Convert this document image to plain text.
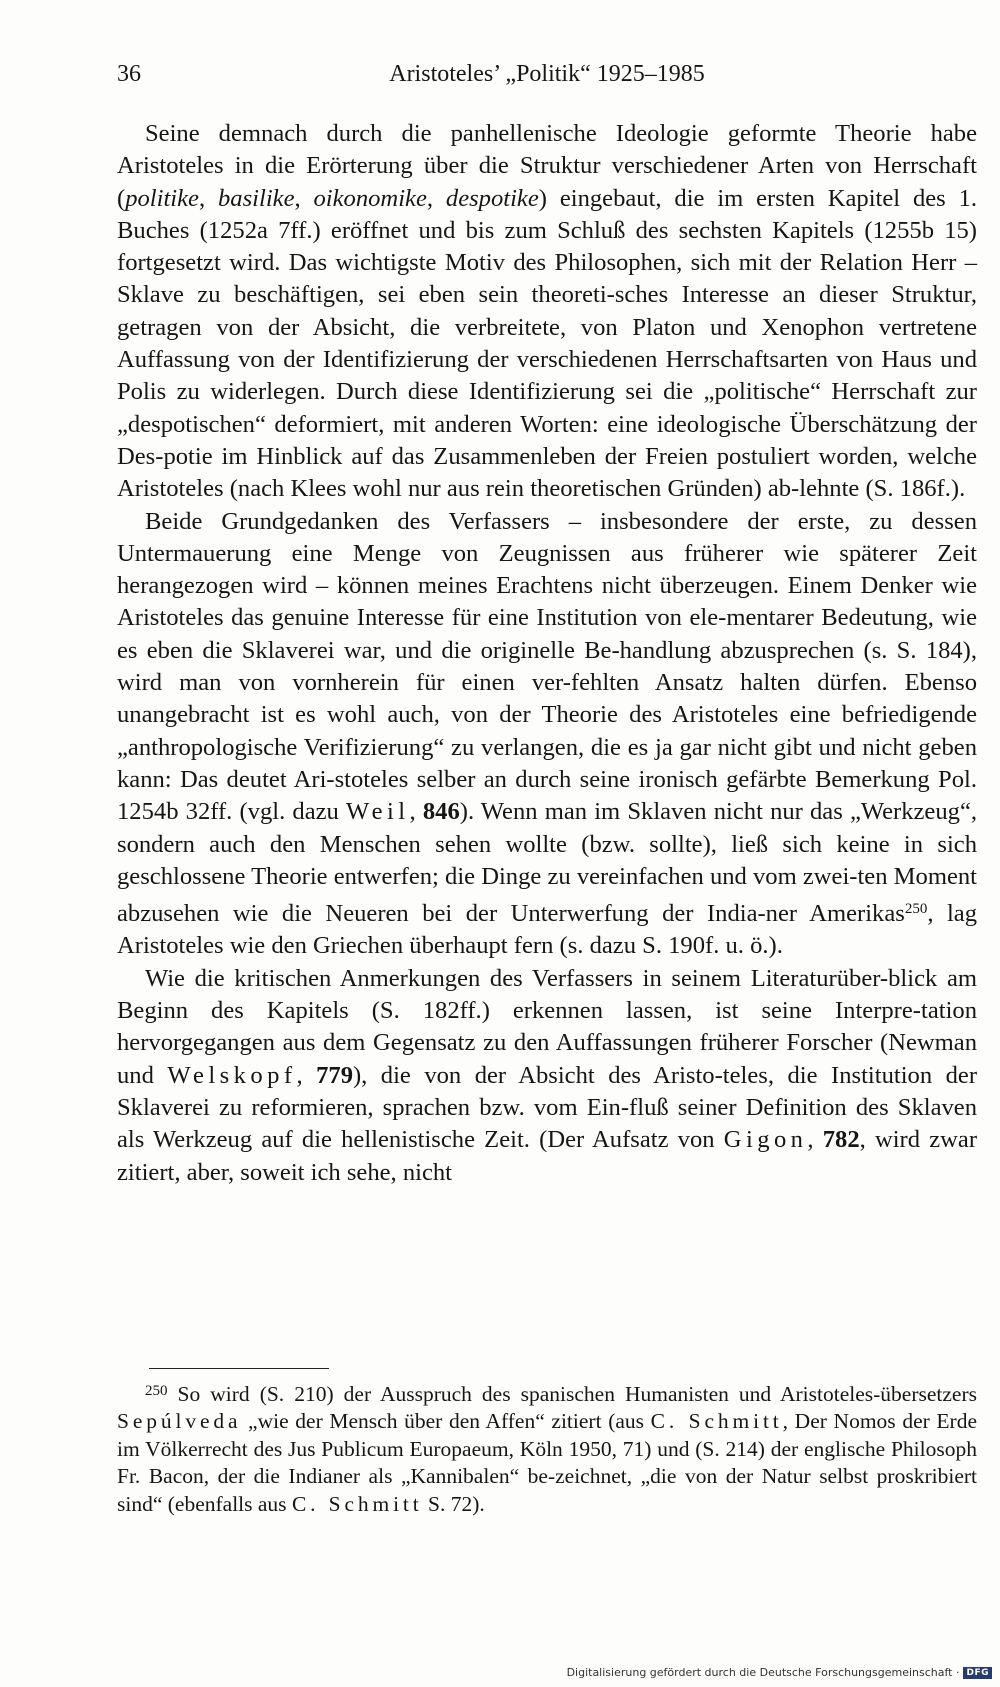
36	Aristoteles’ „Politik“ 1925–1985

Seine demnach durch die panhellenische Ideologie geformte Theorie habe Aristoteles in die Erörterung über die Struktur verschiedener Arten von Herrschaft (politike, basilike, oikonomike, despotike) eingebaut, die im ersten Kapitel des 1. Buches (1252a 7ff.) eröffnet und bis zum Schluß des sechsten Kapitels (1255b 15) fortgesetzt wird. Das wichtigste Motiv des Philosophen, sich mit der Relation Herr – Sklave zu beschäftigen, sei eben sein theoreti-sches Interesse an dieser Struktur, getragen von der Absicht, die verbreitete, von Platon und Xenophon vertretene Auffassung von der Identifizierung der verschiedenen Herrschaftsarten von Haus und Polis zu widerlegen. Durch diese Identifizierung sei die „politische“ Herrschaft zur „despotischen“ deformiert, mit anderen Worten: eine ideologische Überschätzung der Des-potie im Hinblick auf das Zusammenleben der Freien postuliert worden, welche Aristoteles (nach Klees wohl nur aus rein theoretischen Gründen) ab-lehnte (S. 186f.).

Beide Grundgedanken des Verfassers – insbesondere der erste, zu dessen Untermauerung eine Menge von Zeugnissen aus früherer wie späterer Zeit herangezogen wird – können meines Erachtens nicht überzeugen. Einem Denker wie Aristoteles das genuine Interesse für eine Institution von ele-mentarer Bedeutung, wie es eben die Sklaverei war, und die originelle Be-handlung abzusprechen (s. S. 184), wird man von vornherein für einen ver-fehlten Ansatz halten dürfen. Ebenso unangebracht ist es wohl auch, von der Theorie des Aristoteles eine befriedigende „anthropologische Verifizierung“ zu verlangen, die es ja gar nicht gibt und nicht geben kann: Das deutet Ari-stoteles selber an durch seine ironisch gefärbte Bemerkung Pol. 1254b 32ff. (vgl. dazu Weil, 846). Wenn man im Sklaven nicht nur das „Werkzeug“, sondern auch den Menschen sehen wollte (bzw. sollte), ließ sich keine in sich geschlossene Theorie entwerfen; die Dinge zu vereinfachen und vom zwei-ten Moment abzusehen wie die Neueren bei der Unterwerfung der India-ner Amerikas$^{250}$, lag Aristoteles wie den Griechen überhaupt fern (s. dazu S. 190f. u. ö.).

Wie die kritischen Anmerkungen des Verfassers in seinem Literaturüber-blick am Beginn des Kapitels (S. 182ff.) erkennen lassen, ist seine Interpre-tation hervorgegangen aus dem Gegensatz zu den Auffassungen früherer Forscher (Newman und Welskopf, 779), die von der Absicht des Aristo-teles, die Institution der Sklaverei zu reformieren, sprachen bzw. vom Ein-fluß seiner Definition des Sklaven als Werkzeug auf die hellenistische Zeit. (Der Aufsatz von Gigon, 782, wird zwar zitiert, aber, soweit ich sehe, nicht

$^{250}$ So wird (S. 210) der Ausspruch des spanischen Humanisten und Aristoteles-übersetzers Sepúlveda „wie der Mensch über den Affen“ zitiert (aus C. Schmitt, Der Nomos der Erde im Völkerrecht des Jus Publicum Europaeum, Köln 1950, 71) und (S. 214) der englische Philosoph Fr. Bacon, der die Indianer als „Kannibalen“ be-zeichnet, „die von der Natur selbst proskribiert sind“ (ebenfalls aus C. Schmitt S. 72).

Digitalisierung gefördert durch die Deutsche Forschungsgemeinschaft · DFG
